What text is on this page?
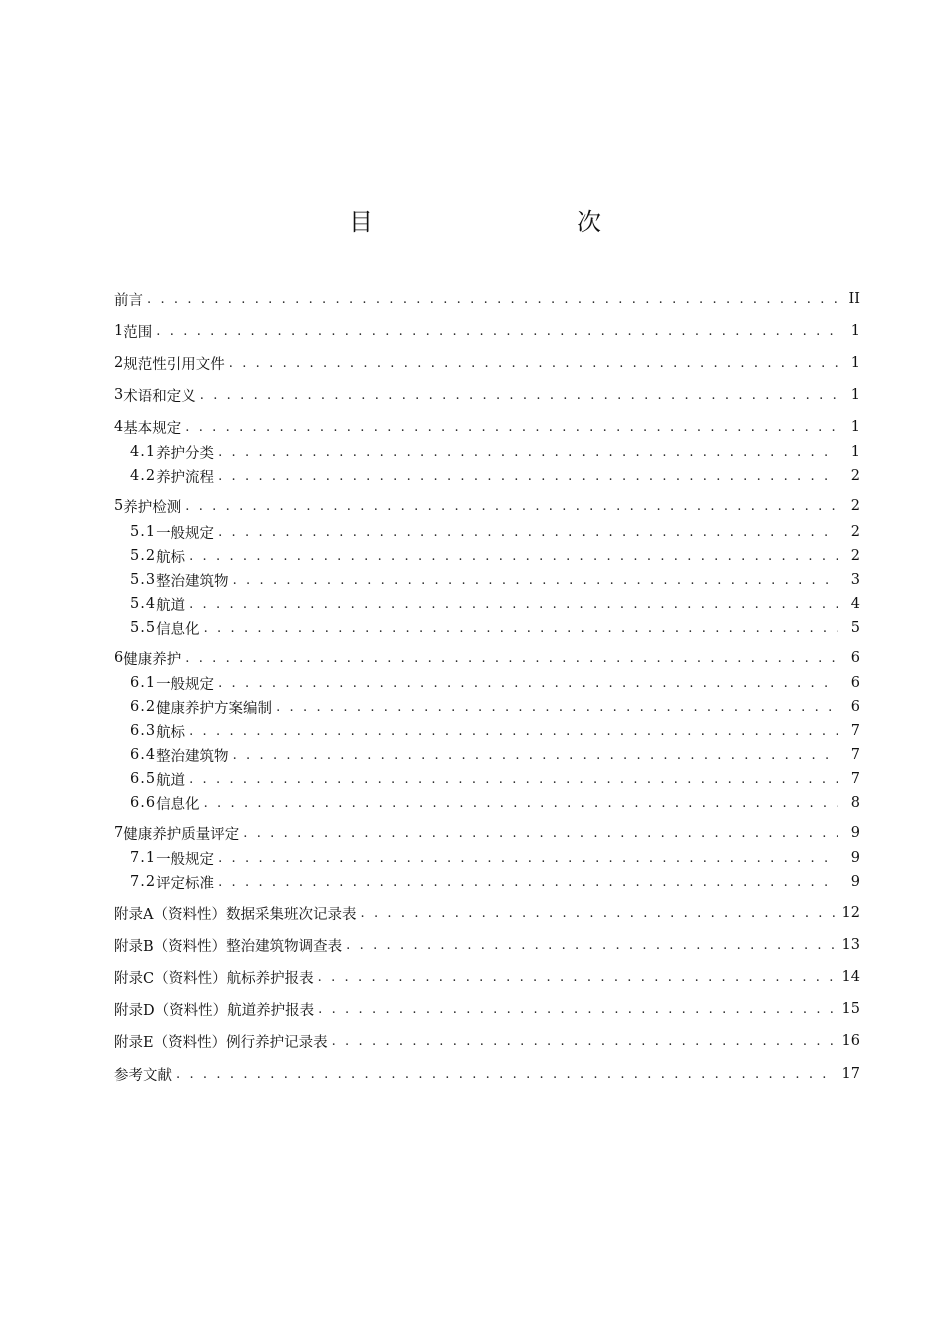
目　　次
前言 . . .	II
1 范围 . . .	1
2 规范性引用文件 . . .	1
3 术语和定义 . . .	1
4 基本规定 . . .	1
4.1 养护分类 . . .	1
4.2 养护流程 . . .	2
5 养护检测 . . .	2
5.1 一般规定 . . .	2
5.2 航标 . . .	2
5.3 整治建筑物 . . .	3
5.4 航道 . . .	4
5.5 信息化 . . .	5
6 健康养护 . . .	6
6.1 一般规定 . . .	6
6.2 健康养护方案编制 . . .	6
6.3 航标 . . .	7
6.4 整治建筑物 . . .	7
6.5 航道 . . .	7
6.6 信息化 . . .	8
7 健康养护质量评定 . . .	9
7.1 一般规定 . . .	9
7.2 评定标准 . . .	9
附录A（资料性） 数据采集班次记录表 . . .	12
附录B（资料性） 整治建筑物调查表 . . .	13
附录C（资料性） 航标养护报表 . . .	14
附录D（资料性） 航道养护报表 . . .	15
附录E（资料性） 例行养护记录表 . . .	16
参考文献 . . .	17
